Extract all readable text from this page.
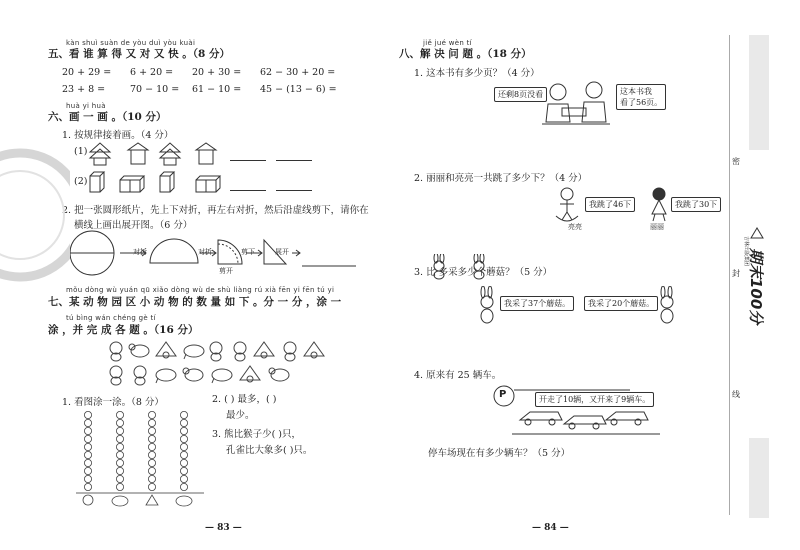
kàn shuì suàn de yòu duì yòu kuài
五、看 谁 算 得 又 对 又 快 。（8 分）
20 + 29 = 6 + 20 = 20 + 30 = 62 − 30 + 20 =
23 + 8 =	70 − 10 = 61 − 10 = 45 − (13 − 6) =
huà yi huà
六、画 一 画 。（10 分）
1. 按规律接着画。（4 分）
(1)
(2)
2. 把一张圆形纸片，先上下对折，再左右对折，然后沿虚线剪下，请你在
横线上画出展开图。（6 分）
对折	对折	剪下	展开
剪开
mǒu dòng wù yuán qū xiǎo dòng wù de shù liàng rú xià fēn yi fēn tú yi
七、某 动 物 园 区 小 动 物 的 数 量 如 下 。分 一 分 ，涂 一
tú bìng wán chéng gè tí
涂 ，并 完 成 各 题 。（16 分）
1. 看图涂一涂。（8 分）	2. ( ) 最多，( )
最少。
3. 熊比猴子少( )只，
孔雀比大象多( )只。
— 83 —
jiě jué wèn tí
八、解 决 问 题 。（18 分）
1. 这本书有多少页？（4 分）
还剩8页没看	这本书我
看了56页。
2. 丽丽和亮亮一共跳了多少下？（4 分）
我跳了46下	我跳了30下
亮亮	丽丽
3. 比 多采多少个蘑菇？（5 分）
我采了37个蘑菇。	我采了20个蘑菇。
4. 原来有 25 辆车。
P	开走了10辆，又开来了9辆车。
停车场现在有多少辆车？（5 分）
— 84 —
密
封
线
吉林出版集团
期末100分
